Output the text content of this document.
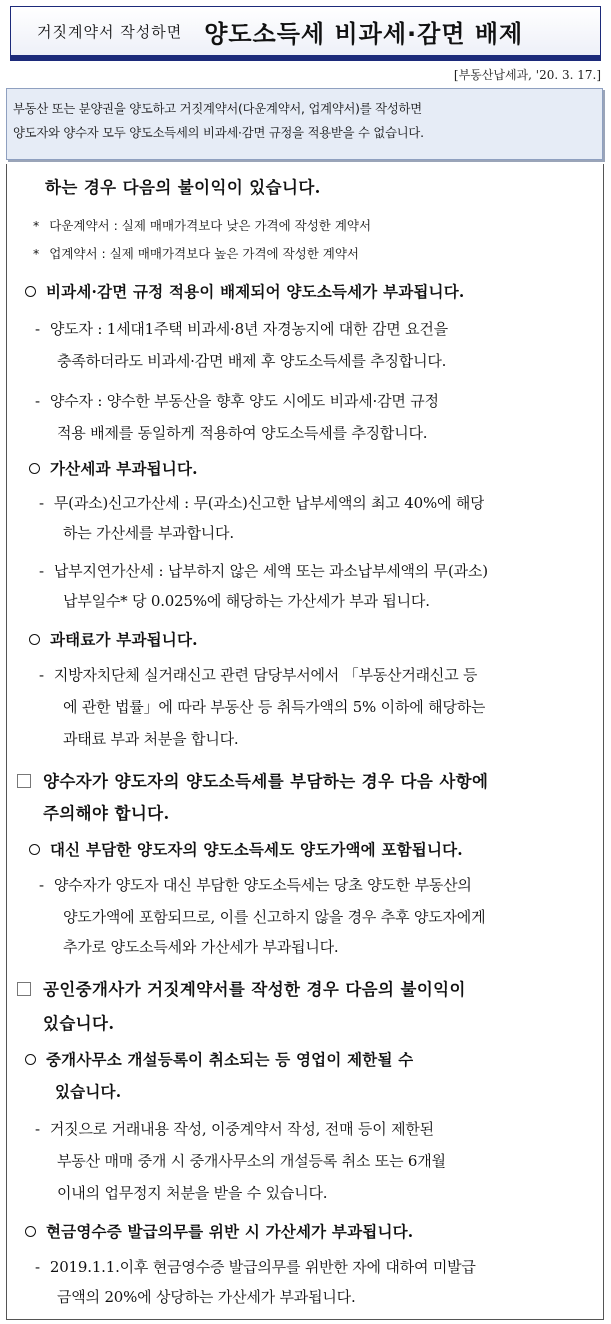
거짓계약서 작성하면 양도소득세 비과세·감면 배제
[부동산납세과, '20. 3. 17.]
부동산 또는 분양권을 양도하고 거짓계약서(다운계약서, 업계약서)를 작성하면
양도자와 양수자 모두 양도소득세의 비과세·감면 규정을 적용받을 수 없습니다.
하는 경우 다음의 불이익이 있습니다.
* 다운계약서 : 실제 매매가격보다 낮은 가격에 작성한 계약서
* 업계약서 : 실제 매매가격보다 높은 가격에 작성한 계약서
비과세·감면 규정 적용이 배제되어 양도소득세가 부과됩니다.
- 양도자 : 1세대1주택 비과세·8년 자경농지에 대한 감면 요건을
충족하더라도 비과세·감면 배제 후 양도소득세를 추징합니다.
- 양수자 : 양수한 부동산을 향후 양도 시에도 비과세·감면 규정
적용 배제를 동일하게 적용하여 양도소득세를 추징합니다.
가산세과 부과됩니다.
- 무(과소)신고가산세 : 무(과소)신고한 납부세액의 최고 40%에 해당
하는 가산세를 부과합니다.
- 납부지연가산세 : 납부하지 않은 세액 또는 과소납부세액의 무(과소)
납부일수* 당 0.025%에 해당하는 가산세가 부과 됩니다.
과태료가 부과됩니다.
- 지방자치단체 실거래신고 관련 담당부서에서 「부동산거래신고 등
에 관한 법률」에 따라 부동산 등 취득가액의 5% 이하에 해당하는
과태료 부과 처분을 합니다.
양수자가 양도자의 양도소득세를 부담하는 경우 다음 사항에
주의해야 합니다.
대신 부담한 양도자의 양도소득세도 양도가액에 포함됩니다.
- 양수자가 양도자 대신 부담한 양도소득세는 당초 양도한 부동산의
양도가액에 포함되므로, 이를 신고하지 않을 경우 추후 양도자에게
추가로 양도소득세와 가산세가 부과됩니다.
공인중개사가 거짓계약서를 작성한 경우 다음의 불이익이
있습니다.
중개사무소 개설등록이 취소되는 등 영업이 제한될 수
있습니다.
- 거짓으로 거래내용 작성, 이중계약서 작성, 전매 등이 제한된
부동산 매매 중개 시 중개사무소의 개설등록 취소 또는 6개월
이내의 업무정지 처분을 받을 수 있습니다.
현금영수증 발급의무를 위반 시 가산세가 부과됩니다.
- 2019.1.1.이후 현금영수증 발급의무를 위반한 자에 대하여 미발급
금액의 20%에 상당하는 가산세가 부과됩니다.
